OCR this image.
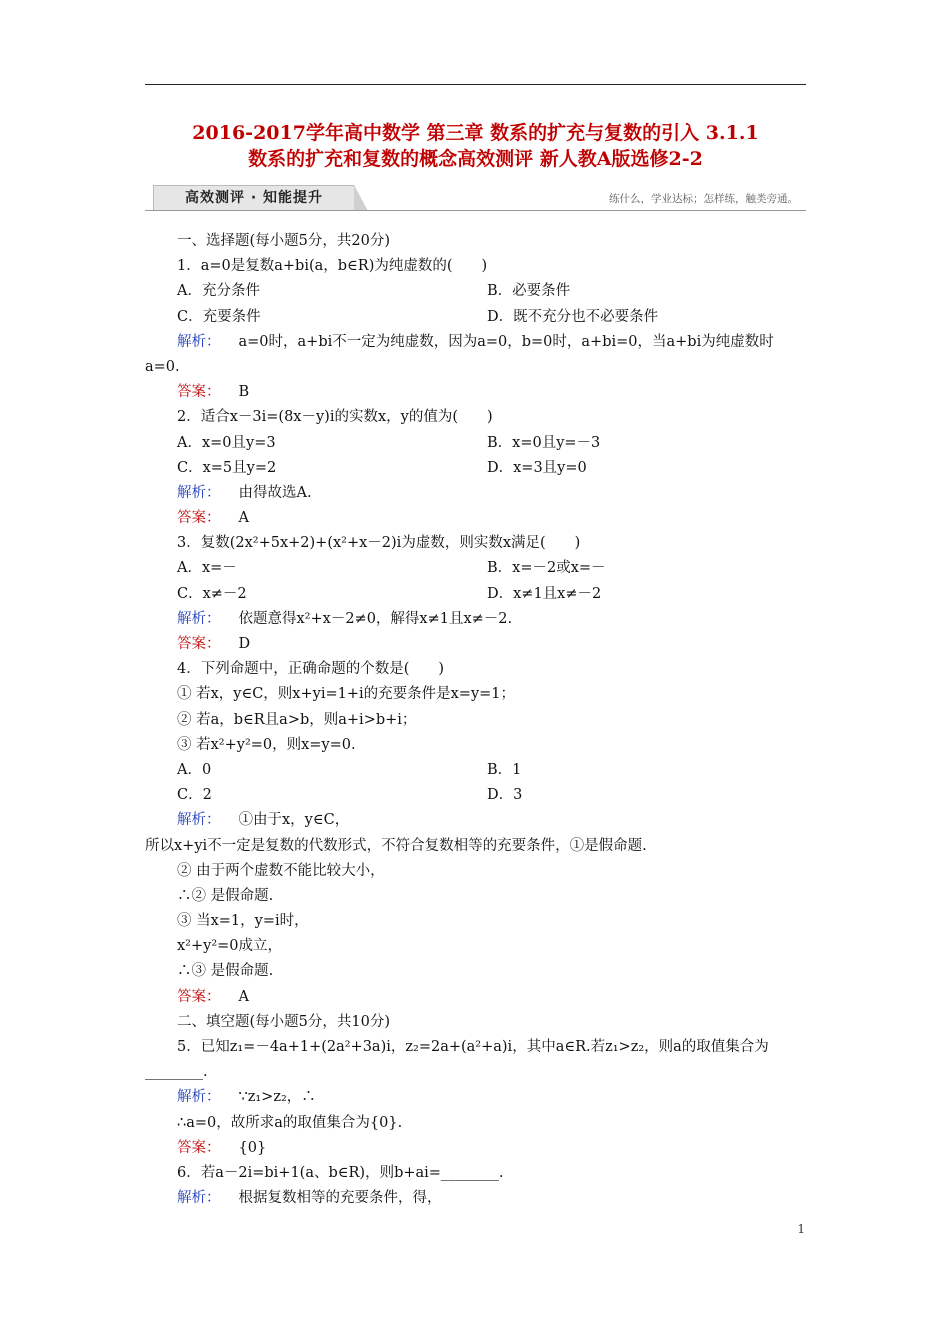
2016-2017学年高中数学 第三章 数系的扩充与复数的引入 3.1.1
数系的扩充和复数的概念高效测评 新人教A版选修2-2
高效测评 · 知能提升	练什么，学业达标；怎样练，触类旁通。
一、选择题(每小题5分，共20分)
1．a=0是复数a+bi(a，b∈R)为纯虚数的(　　)
A．充分条件	B．必要条件
C．充要条件	D．既不充分也不必要条件
解析： a=0时，a+bi不一定为纯虚数，因为a=0，b=0时，a+bi=0，当a+bi为纯虚数时a=0.
答案： B
2．适合x－3i=(8x－y)i的实数x，y的值为(　　)
A．x=0且y=3	B．x=0且y=－3
C．x=5且y=2	D．x=3且y=0
解析： 由得故选A.
答案： A
3．复数(2x²+5x+2)+(x²+x－2)i为虚数，则实数x满足(　　)
A．x=－	B．x=－2或x=－
C．x≠－2	D．x≠1且x≠－2
解析： 依题意得x²+x－2≠0，解得x≠1且x≠－2.
答案： D
4．下列命题中，正确命题的个数是(　　)
① 若x，y∈C，则x+yi=1+i的充要条件是x=y=1；
② 若a，b∈R且a>b，则a+i>b+i；
③ 若x²+y²=0，则x=y=0.
A．0	B．1
C．2	D．3
解析： ①由于x，y∈C，
所以x+yi不一定是复数的代数形式，不符合复数相等的充要条件，①是假命题.
② 由于两个虚数不能比较大小，
∴② 是假命题.
③ 当x=1，y=i时，
x²+y²=0成立，
∴③ 是假命题.
答案： A
二、填空题(每小题5分，共10分)
5．已知z₁=－4a+1+(2a²+3a)i，z₂=2a+(a²+a)i，其中a∈R.若z₁>z₂，则a的取值集合为________.
解析： ∵z₁>z₂，∴
∴a=0，故所求a的取值集合为{0}.
答案： {0}
6．若a－2i=bi+1(a、b∈R)，则b+ai=________.
解析： 根据复数相等的充要条件，得，
1
